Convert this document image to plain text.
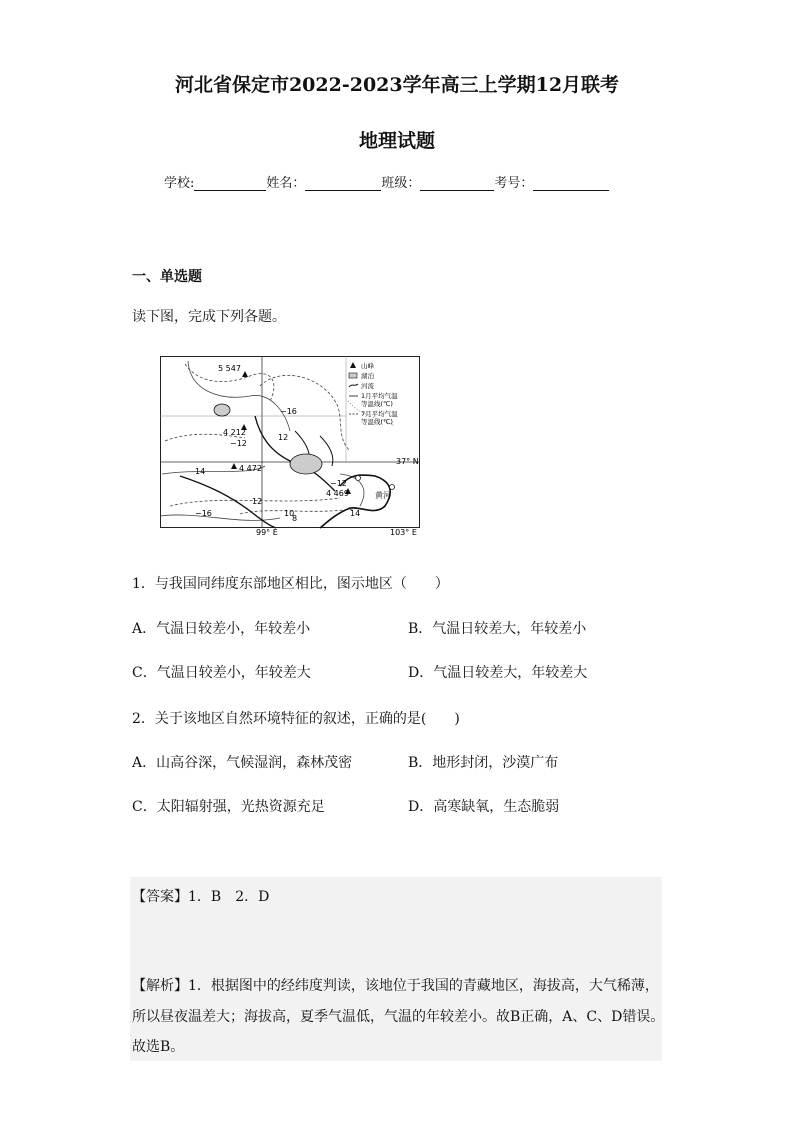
河北省保定市2022-2023学年高三上学期12月联考
地理试题
学校:	姓名：	班级：	考号：
一、单选题
读下图，完成下列各题。
5 547
4 212
4 472
4 469
−16
−12
12
14
−12
−16
12
10
8
14
黄河
37° N
99° E	103° E
山峰
湖泊
河流
1月平均气温
等温线(℃)
7月平均气温
等温线(℃)
1．与我国同纬度东部地区相比，图示地区（　　）
A．气温日较差小，年较差小	B．气温日较差大，年较差小
C．气温日较差小，年较差大	D．气温日较差大，年较差大
2．关于该地区自然环境特征的叙述，正确的是(　　)
A．山高谷深，气候湿润，森林茂密	B．地形封闭，沙漠广布
C．太阳辐射强，光热资源充足	D．高寒缺氧，生态脆弱
【答案】1．B　2．D
【解析】1．根据图中的经纬度判读，该地位于我国的青藏地区，海拔高，大气稀薄，
所以昼夜温差大；海拔高，夏季气温低，气温的年较差小。故B正确，A、C、D错误。
故选B。
